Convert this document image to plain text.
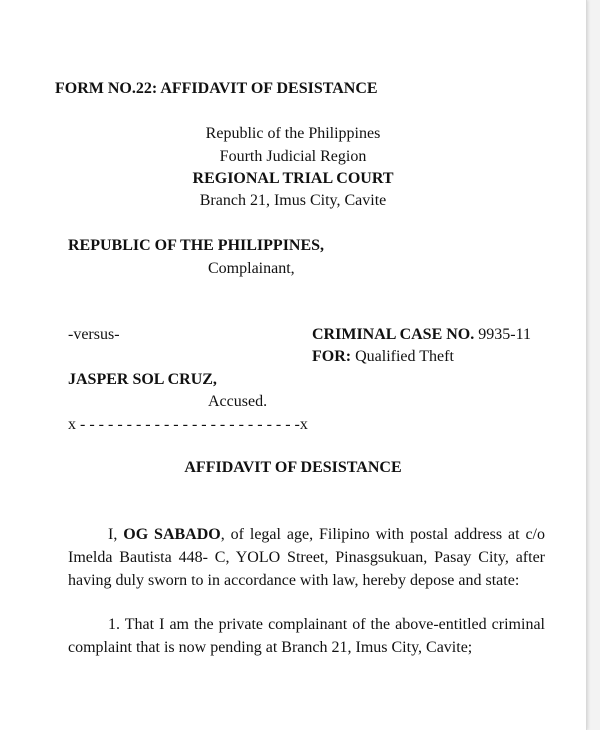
FORM NO.22: AFFIDAVIT OF DESISTANCE
Republic of the Philippines
Fourth Judicial Region
REGIONAL TRIAL COURT
Branch 21, Imus City, Cavite
REPUBLIC OF THE PHILIPPINES,
Complainant,
-versus-	CRIMINAL CASE NO. 9935-11
FOR: Qualified Theft
JASPER SOL CRUZ,
Accused.
x - - - - - - - - - - - - - - - - - - - - - - - -x
AFFIDAVIT OF DESISTANCE
I, OG SABADO, of legal age, Filipino with postal address at c/o Imelda Bautista 448- C, YOLO Street, Pinasgsukuan, Pasay City, after having duly sworn to in accordance with law, hereby depose and state:
1. That I am the private complainant of the above-entitled criminal complaint that is now pending at Branch 21, Imus City, Cavite;
